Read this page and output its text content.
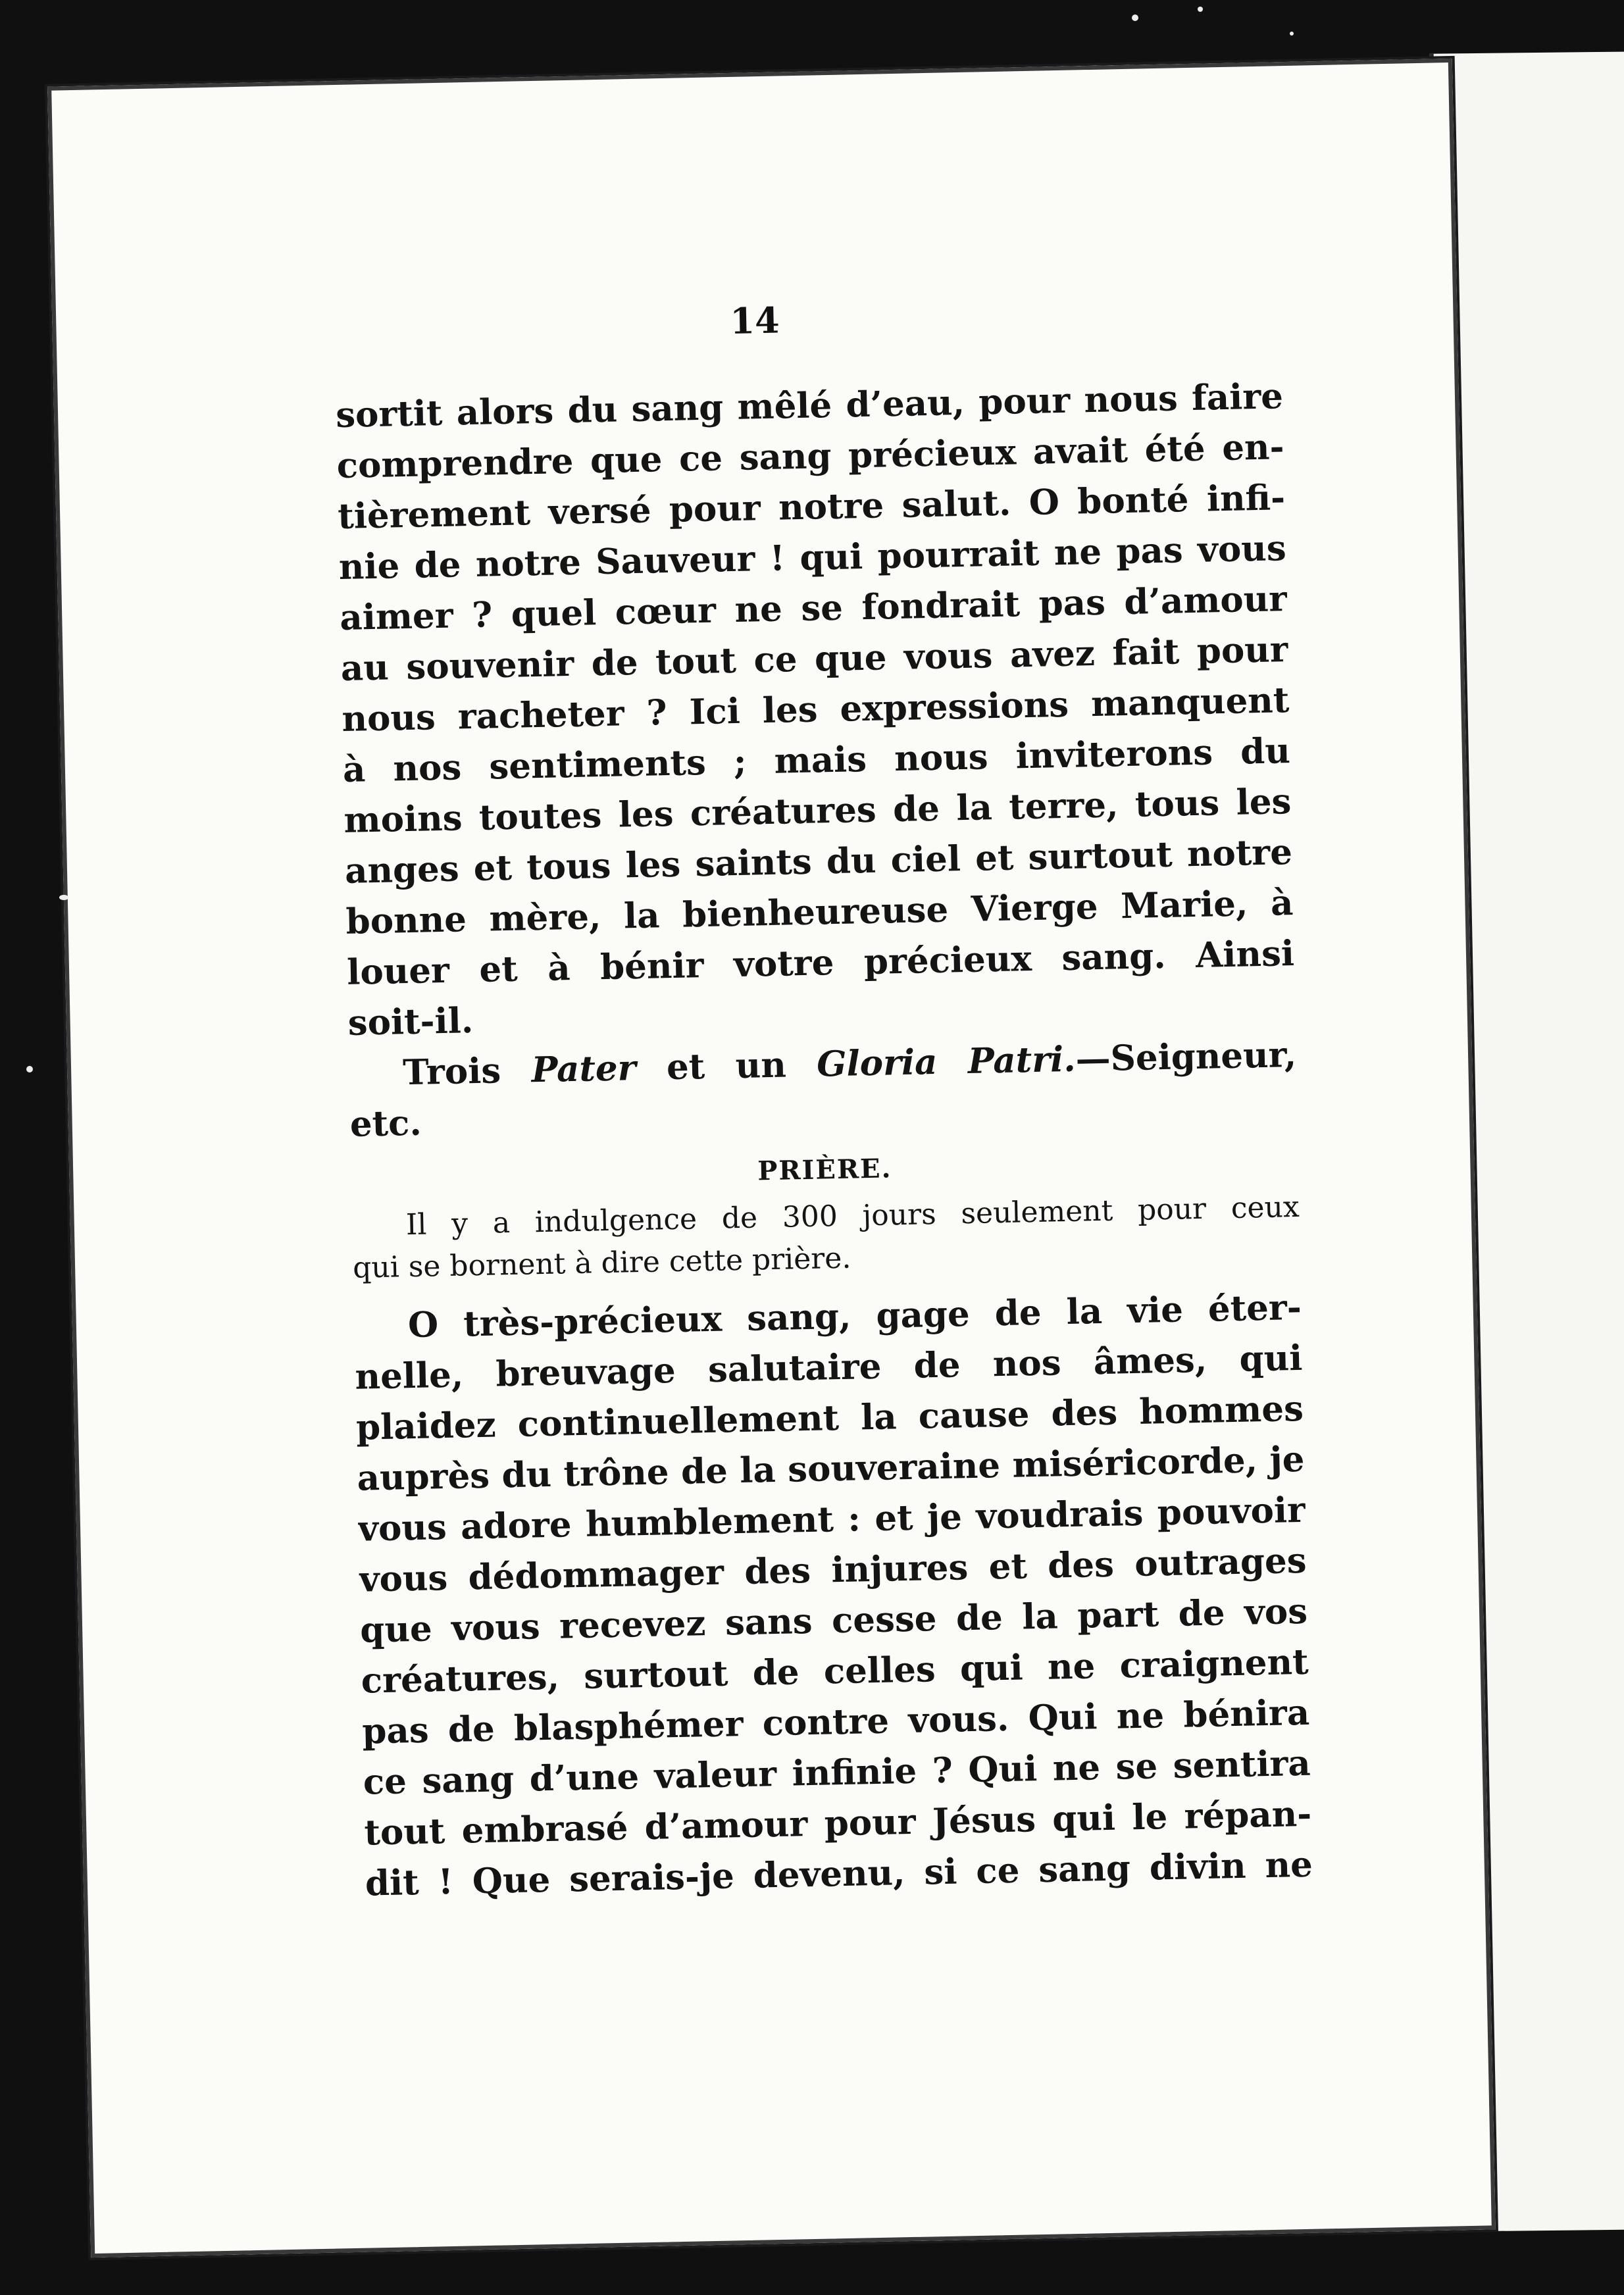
14
sortit alors du sang mêlé d’eau, pour nous faire
comprendre que ce sang précieux avait été en-
tièrement versé pour notre salut. O bonté infi-
nie de notre Sauveur ! qui pourrait ne pas vous
aimer ? quel cœur ne se fondrait pas d’amour
au souvenir de tout ce que vous avez fait pour
nous racheter ? Ici les expressions manquent
à nos sentiments ; mais nous inviterons du
moins toutes les créatures de la terre, tous les
anges et tous les saints du ciel et surtout notre
bonne mère, la bienheureuse Vierge Marie, à
louer et à bénir votre précieux sang. Ainsi
soit-il.
Trois Pater et un Gloria Patri.—Seigneur,
etc.
PRIÈRE.
Il y a indulgence de 300 jours seulement pour ceux
qui se bornent à dire cette prière.
O très-précieux sang, gage de la vie éter-
nelle, breuvage salutaire de nos âmes, qui
plaidez continuellement la cause des hommes
auprès du trône de la souveraine miséricorde, je
vous adore humblement : et je voudrais pouvoir
vous dédommager des injures et des outrages
que vous recevez sans cesse de la part de vos
créatures, surtout de celles qui ne craignent
pas de blasphémer contre vous. Qui ne bénira
ce sang d’une valeur infinie ? Qui ne se sentira
tout embrasé d’amour pour Jésus qui le répan-
dit ! Que serais-je devenu, si ce sang divin ne
